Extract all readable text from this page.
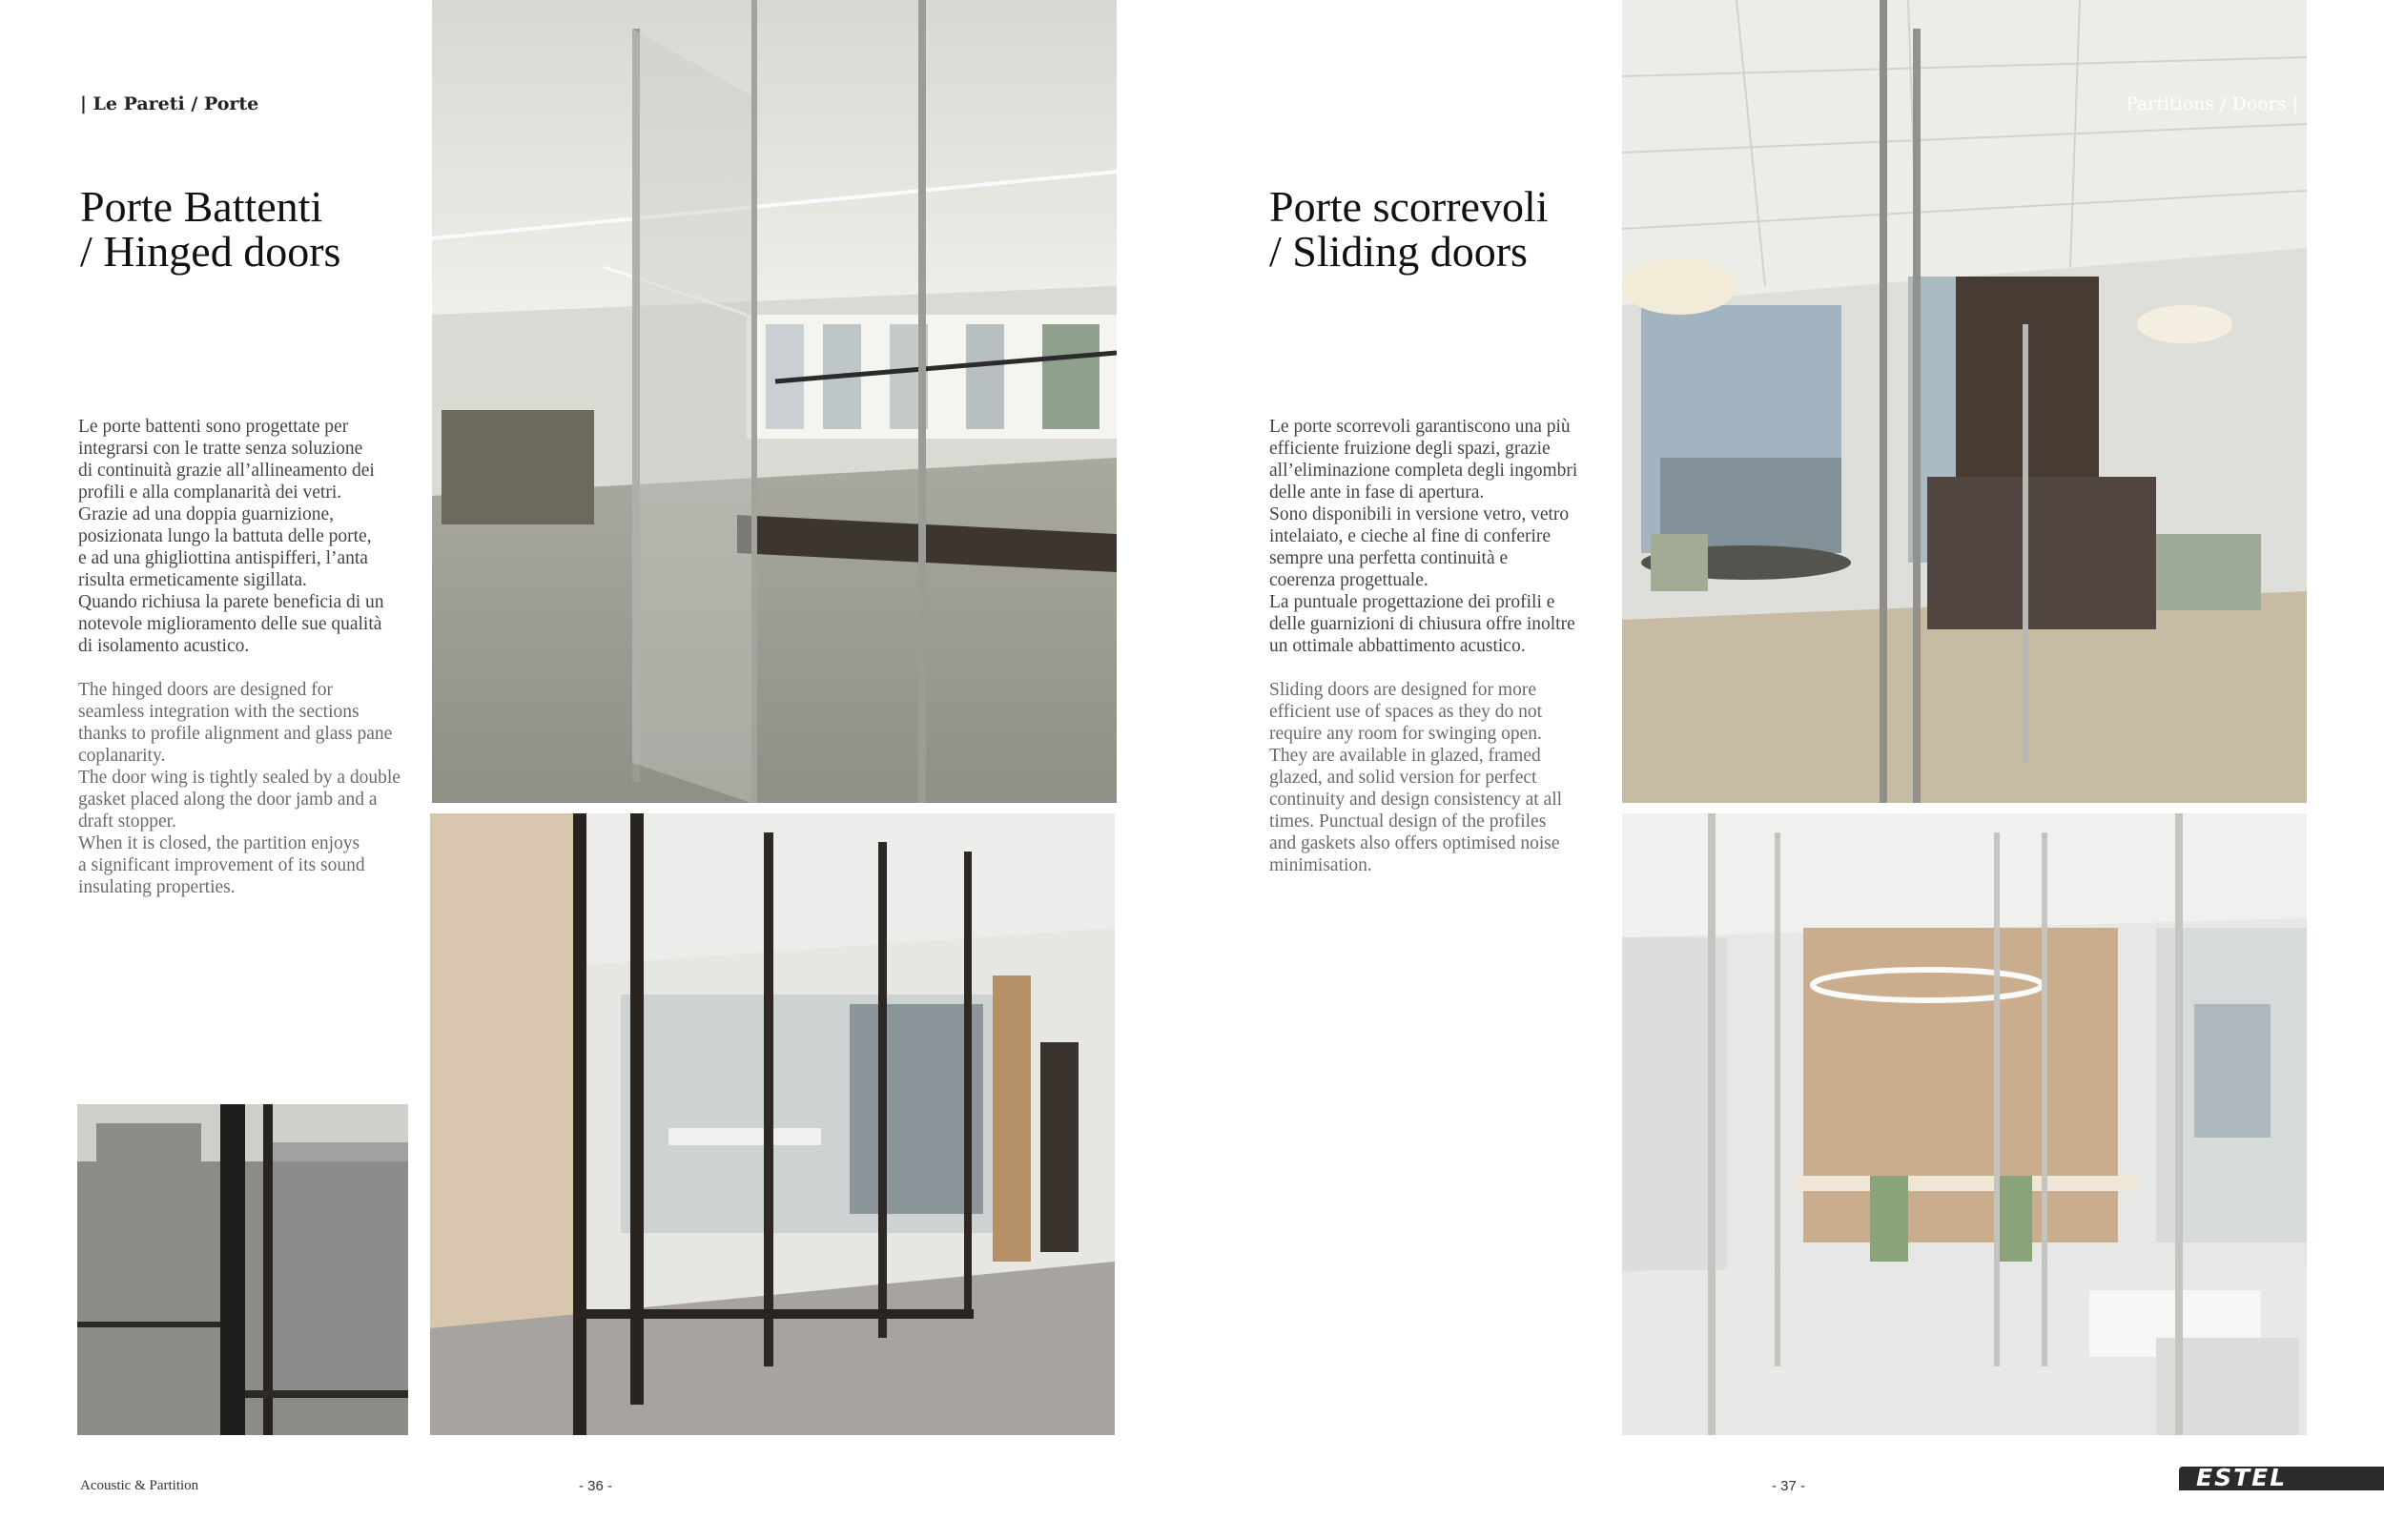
| Le Pareti / Porte
Porte Battenti
/ Hinged doors
Le porte battenti sono progettate per
integrarsi con le tratte senza soluzione
di continuità grazie all’allineamento dei
profili e alla complanarità dei vetri.
Grazie ad una doppia guarnizione,
posizionata lungo la battuta delle porte,
e ad una ghigliottina antispifferi, l’anta
risulta ermeticamente sigillata.
Quando richiusa la parete beneficia di un
notevole miglioramento delle sue qualità
di isolamento acustico.
The hinged doors are designed for
seamless integration with the sections
thanks to profile alignment and glass pane
coplanarity.
The door wing is tightly sealed by a double
gasket placed along the door jamb and a
draft stopper.
When it is closed, the partition enjoys
a significant improvement of its sound
insulating properties.
Acoustic & Partition	- 36 -
Porte scorrevoli
/ Sliding doors
Le porte scorrevoli garantiscono una più
efficiente fruizione degli spazi, grazie
all’eliminazione completa degli ingombri
delle ante in fase di apertura.
Sono disponibili in versione vetro, vetro
intelaiato, e cieche al fine di conferire
sempre una perfetta continuità e
coerenza progettuale.
La puntuale progettazione dei profili e
delle guarnizioni di chiusura offre inoltre
un ottimale abbattimento acustico.
Sliding doors are designed for more
efficient use of spaces as they do not
require any room for swinging open.
They are available in glazed, framed
glazed, and solid version for perfect
continuity and design consistency at all
times. Punctual design of the profiles
and gaskets also offers optimised noise
minimisation.
Partitions / Doors |
- 37 -	ESTEL
